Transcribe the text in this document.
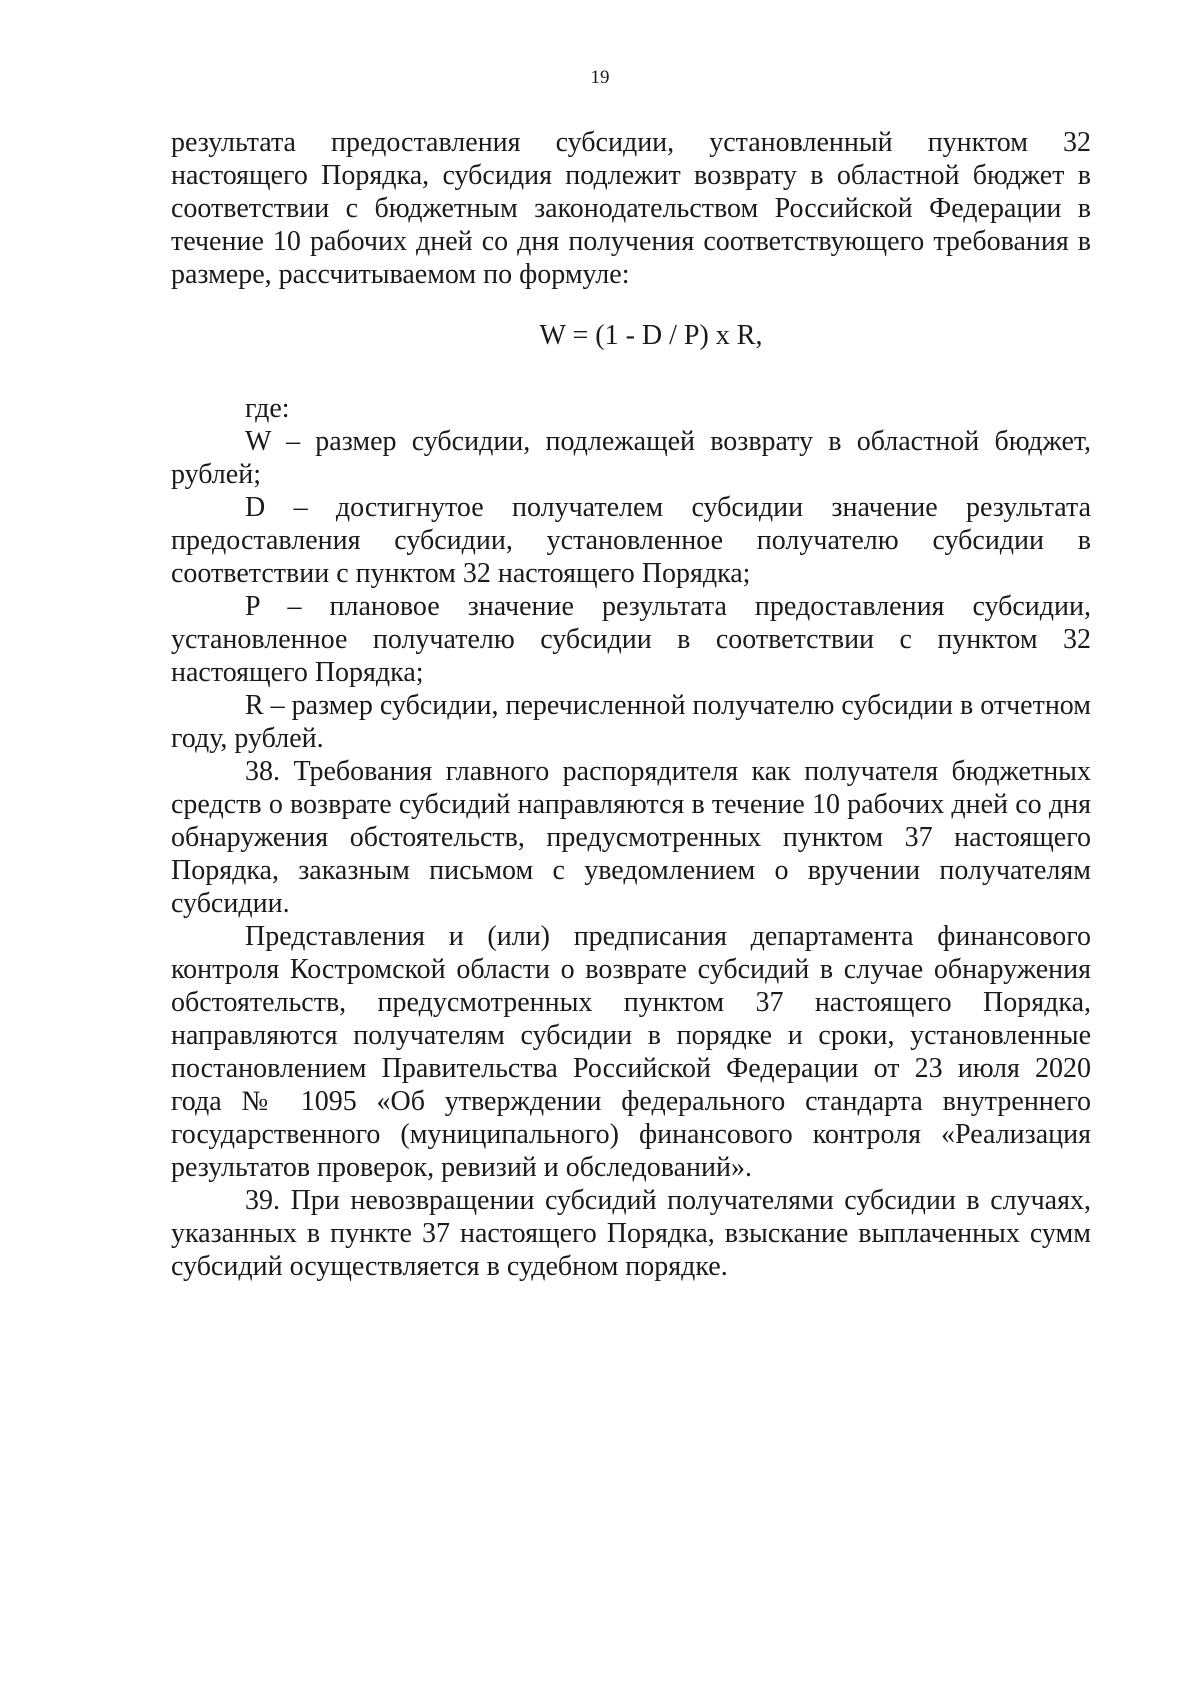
19

результата предоставления субсидии, установленный пунктом 32 настоящего Порядка, субсидия подлежит возврату в областной бюджет в соответствии с бюджетным законодательством Российской Федерации в течение 10 рабочих дней со дня получения соответствующего требования в размере, рассчитываемом по формуле:

W = (1 - D / P) x R,

где:

W – размер субсидии, подлежащей возврату в областной бюджет, рублей;

D – достигнутое получателем субсидии значение результата предоставления субсидии, установленное получателю субсидии в соответствии с пунктом 32 настоящего Порядка;

P – плановое значение результата предоставления субсидии, установленное получателю субсидии в соответствии с пунктом 32 настоящего Порядка;

R – размер субсидии, перечисленной получателю субсидии в отчетном году, рублей.

38. Требования главного распорядителя как получателя бюджетных средств о возврате субсидий направляются в течение 10 рабочих дней со дня обнаружения обстоятельств, предусмотренных пунктом 37 настоящего Порядка, заказным письмом с уведомлением о вручении получателям субсидии.

Представления и (или) предписания департамента финансового контроля Костромской области о возврате субсидий в случае обнаружения обстоятельств, предусмотренных пунктом 37 настоящего Порядка, направляются получателям субсидии в порядке и сроки, установленные постановлением Правительства Российской Федерации от 23 июля 2020 года № 1095 «Об утверждении федерального стандарта внутреннего государственного (муниципального) финансового контроля «Реализация результатов проверок, ревизий и обследований».

39. При невозвращении субсидий получателями субсидии в случаях, указанных в пункте 37 настоящего Порядка, взыскание выплаченных сумм субсидий осуществляется в судебном порядке.
